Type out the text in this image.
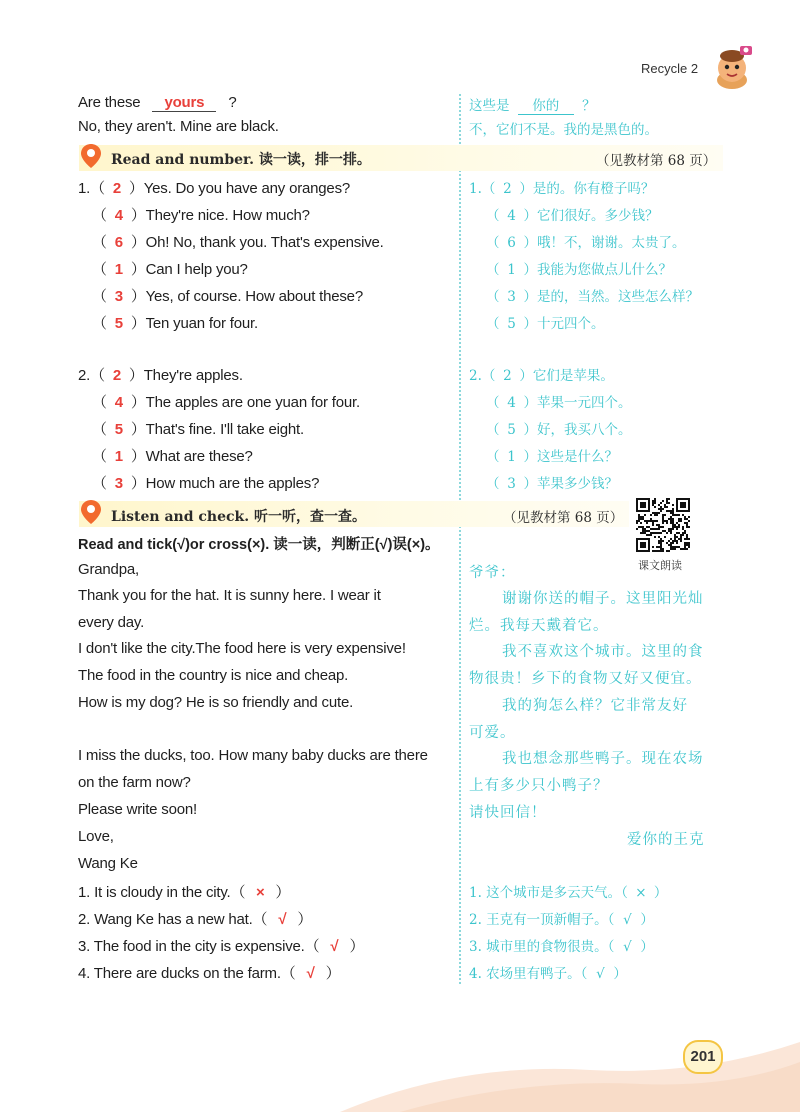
Recycle 2
Are these yours ?
No, they aren't. Mine are black.
这些是 你的 ？
不，它们不是。我的是黑色的。
Read and number. 读一读，排一排。	（见教材第 68 页）
1.（ 2 ）Yes. Do you have any oranges?	1.（ 2 ）是的。你有橙子吗？
（ 4 ）They're nice. How much?	（ 4 ）它们很好。多少钱？
（ 6 ）Oh! No, thank you. That's expensive.	（ 6 ）哦！不，谢谢。太贵了。
（ 1 ）Can I help you?	（ 1 ）我能为您做点儿什么？
（ 3 ）Yes, of course. How about these?	（ 3 ）是的，当然。这些怎么样？
（ 5 ）Ten yuan for four.	（ 5 ）十元四个。
2.（ 2 ）They're apples.	2.（ 2 ）它们是苹果。
（ 4 ）The apples are one yuan for four.	（ 4 ）苹果一元四个。
（ 5 ）That's fine. I'll take eight.	（ 5 ）好，我买八个。
（ 1 ）What are these?	（ 1 ）这些是什么？
（ 3 ）How much are the apples?	（ 3 ）苹果多少钱？
Listen and check. 听一听，查一查。	（见教材第 68 页）
课文朗读
Read and tick(√)or cross(×). 读一读，判断正(√)误(×)。
Grandpa,
Thank you for the hat. It is sunny here. I wear it
every day.
I don't like the city.The food here is very expensive!
The food in the country is nice and cheap.
How is my dog? He is so friendly and cute.
I miss the ducks, too. How many baby ducks are there
on the farm now?
Please write soon!
Love,
Wang Ke
爷爷：
谢谢你送的帽子。这里阳光灿
烂。我每天戴着它。
我不喜欢这个城市。这里的食
物很贵！乡下的食物又好又便宜。
我的狗怎么样？它非常友好
可爱。
我也想念那些鸭子。现在农场
上有多少只小鸭子？
请快回信！
爱你的王克
1. It is cloudy in the city.（ × ）	1. 这个城市是多云天气。（ × ）
2. Wang Ke has a new hat.（ √ ）	2. 王克有一顶新帽子。（ √ ）
3. The food in the city is expensive.（ √ ）	3. 城市里的食物很贵。（ √ ）
4. There are ducks on the farm.（ √ ）	4. 农场里有鸭子。（ √ ）
201
